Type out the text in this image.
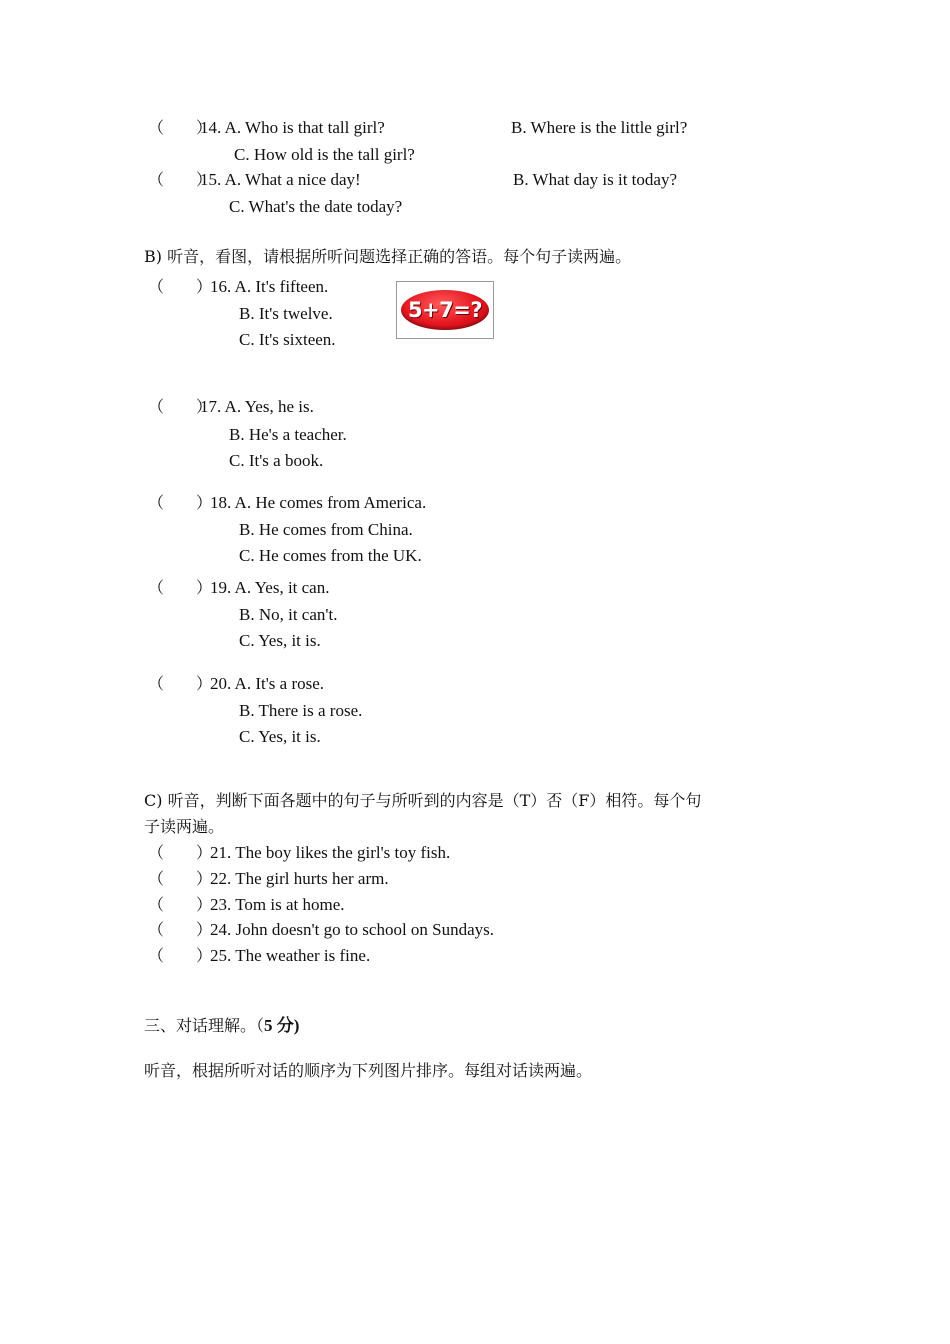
（　　）
14. A. Who is that tall girl?	B. Where is the little girl?
C. How old is the tall girl?
（　　）
15. A. What a nice day!	B. What day is it today?
C. What's the date today?
B) 听音，看图，请根据所听问题选择正确的答语。每个句子读两遍。
（　　）
16. A. It's fifteen.
B. It's twelve.
C. It's sixteen.
5+7=?
（　　）
17. A. Yes, he is.
B. He's a teacher.
C. It's a book.
（　　）
18. A. He comes from America.
B. He comes from China.
C. He comes from the UK.
（　　）
19. A. Yes, it can.
B. No, it can't.
C. Yes, it is.
（　　）
20. A. It's a rose.
B. There is a rose.
C. Yes, it is.
C) 听音，判断下面各题中的句子与所听到的内容是（T）否（F）相符。每个句
子读两遍。
（　　）
21. The boy likes the girl's toy fish.
（　　）
22. The girl hurts her arm.
（　　）
23. Tom is at home.
（　　）
24. John doesn't go to school on Sundays.
（　　）
25. The weather is fine.
三、对话理解。（5 分)
听音，根据所听对话的顺序为下列图片排序。每组对话读两遍。
